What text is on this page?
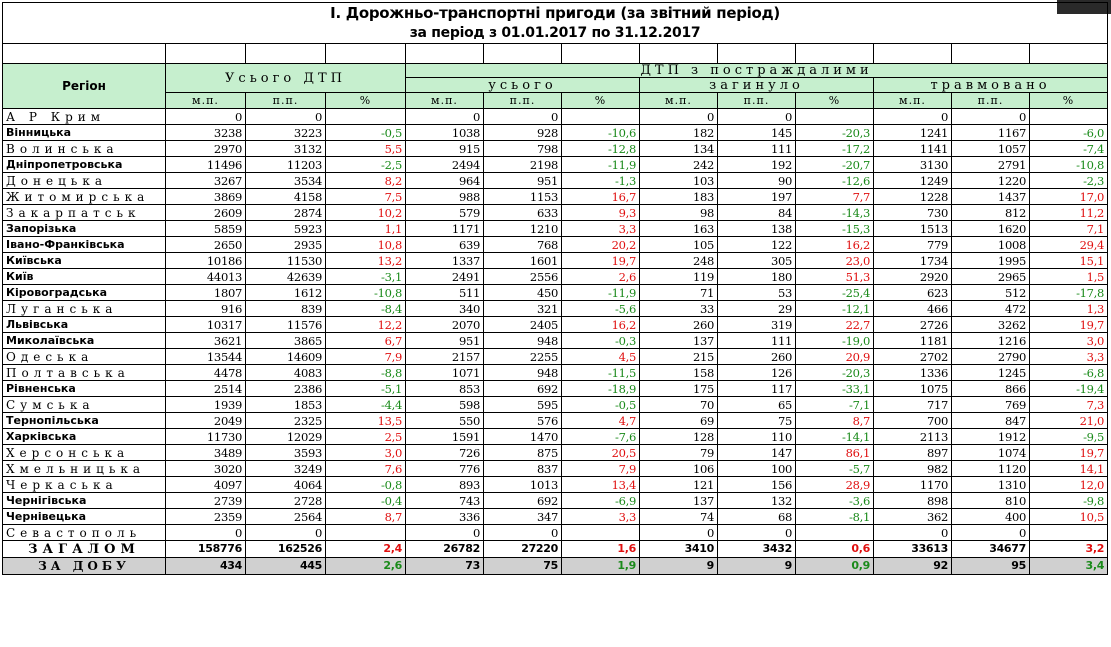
І. Дорожньо-транспортні пригоди (за звітний період)												
за період з 01.01.2017 по 31.12.2017												

Регіон	Усього ДТП			ДТП з постраждалими								
				усього			загинуло			травмовано		
	м.п.	п.п.	%	м.п.	п.п.	%	м.п.	п.п.	%	м.п.	п.п.	%
А Р Крим	0	0		0	0		0	0		0	0	
Вінницька	3238	3223	-0,5	1038	928	-10,6	182	145	-20,3	1241	1167	-6,0
Волинська	2970	3132	5,5	915	798	-12,8	134	111	-17,2	1141	1057	-7,4
Дніпропетровська	11496	11203	-2,5	2494	2198	-11,9	242	192	-20,7	3130	2791	-10,8
Донецька	3267	3534	8,2	964	951	-1,3	103	90	-12,6	1249	1220	-2,3
Житомирська	3869	4158	7,5	988	1153	16,7	183	197	7,7	1228	1437	17,0
Закарпатськ	2609	2874	10,2	579	633	9,3	98	84	-14,3	730	812	11,2
Запорізька	5859	5923	1,1	1171	1210	3,3	163	138	-15,3	1513	1620	7,1
Івано-Франківська	2650	2935	10,8	639	768	20,2	105	122	16,2	779	1008	29,4
Київська	10186	11530	13,2	1337	1601	19,7	248	305	23,0	1734	1995	15,1
Київ	44013	42639	-3,1	2491	2556	2,6	119	180	51,3	2920	2965	1,5
Кіровоградська	1807	1612	-10,8	511	450	-11,9	71	53	-25,4	623	512	-17,8
Луганська	916	839	-8,4	340	321	-5,6	33	29	-12,1	466	472	1,3
Львівська	10317	11576	12,2	2070	2405	16,2	260	319	22,7	2726	3262	19,7
Миколаївська	3621	3865	6,7	951	948	-0,3	137	111	-19,0	1181	1216	3,0
Одеська	13544	14609	7,9	2157	2255	4,5	215	260	20,9	2702	2790	3,3
Полтавська	4478	4083	-8,8	1071	948	-11,5	158	126	-20,3	1336	1245	-6,8
Рівненська	2514	2386	-5,1	853	692	-18,9	175	117	-33,1	1075	866	-19,4
Сумська	1939	1853	-4,4	598	595	-0,5	70	65	-7,1	717	769	7,3
Тернопільська	2049	2325	13,5	550	576	4,7	69	75	8,7	700	847	21,0
Харківська	11730	12029	2,5	1591	1470	-7,6	128	110	-14,1	2113	1912	-9,5
Херсонська	3489	3593	3,0	726	875	20,5	79	147	86,1	897	1074	19,7
Хмельницька	3020	3249	7,6	776	837	7,9	106	100	-5,7	982	1120	14,1
Черкаська	4097	4064	-0,8	893	1013	13,4	121	156	28,9	1170	1310	12,0
Чернігівська	2739	2728	-0,4	743	692	-6,9	137	132	-3,6	898	810	-9,8
Чернівецька	2359	2564	8,7	336	347	3,3	74	68	-8,1	362	400	10,5
Севастополь	0	0		0	0		0	0		0	0	
ЗАГАЛОМ	158776	162526	2,4	26782	27220	1,6	3410	3432	0,6	33613	34677	3,2
ЗА ДОБУ	434	445	2,6	73	75	1,9	9	9	0,9	92	95	3,4
